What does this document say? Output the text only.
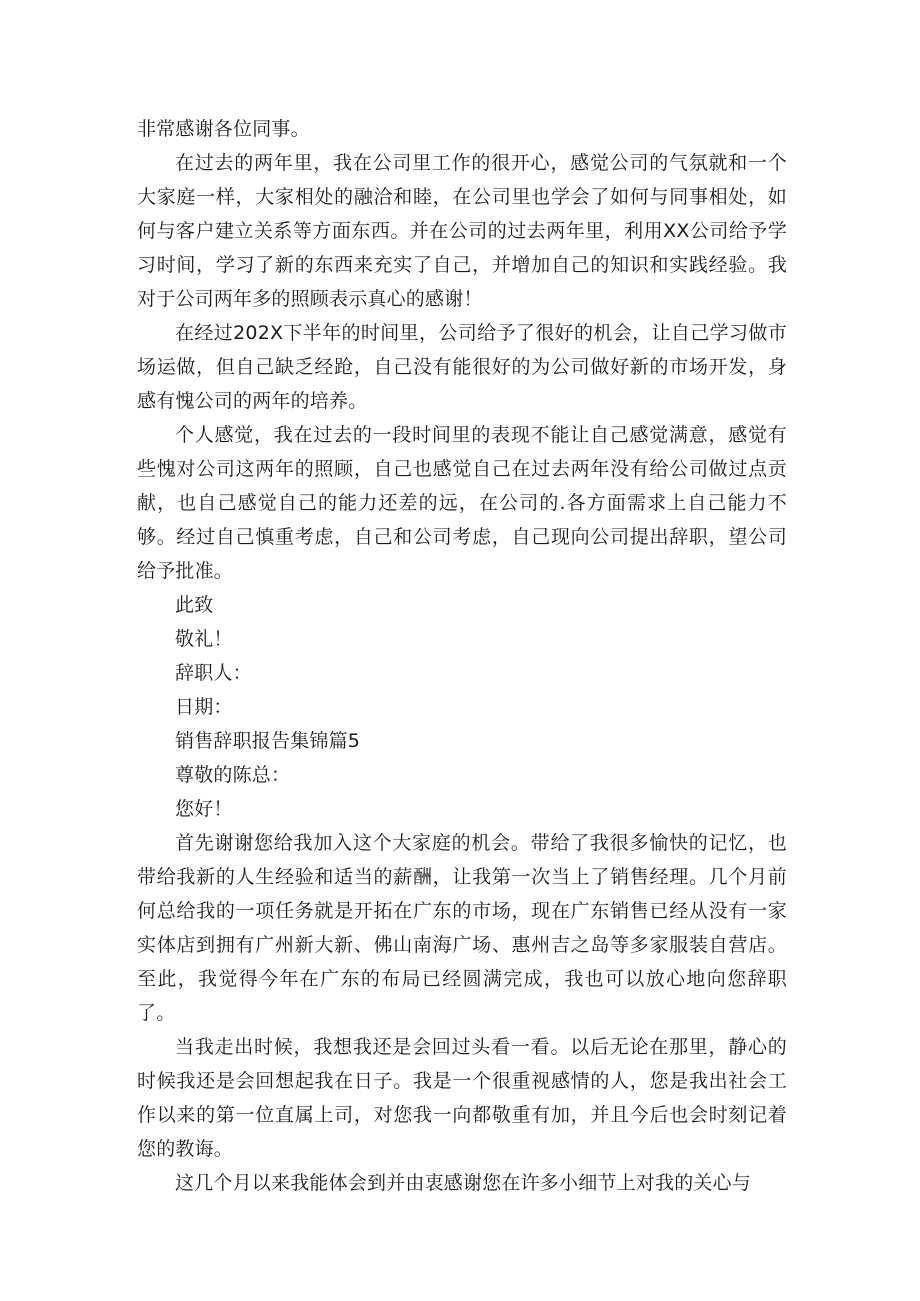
非常感谢各位同事。

在过去的两年里，我在公司里工作的很开心，感觉公司的气氛就和一个大家庭一样，大家相处的融洽和睦，在公司里也学会了如何与同事相处，如何与客户建立关系等方面东西。并在公司的过去两年里，利用XX公司给予学习时间，学习了新的东西来充实了自己，并增加自己的知识和实践经验。我对于公司两年多的照顾表示真心的感谢！

在经过202X下半年的时间里，公司给予了很好的机会，让自己学习做市场运做，但自己缺乏经跄，自己没有能很好的为公司做好新的市场开发，身感有愧公司的两年的培养。

个人感觉，我在过去的一段时间里的表现不能让自己感觉满意，感觉有些愧对公司这两年的照顾，自己也感觉自己在过去两年没有给公司做过点贡献，也自己感觉自己的能力还差的远，在公司的.各方面需求上自己能力不够。经过自己慎重考虑，自己和公司考虑，自己现向公司提出辞职，望公司给予批准。

此致

敬礼！

辞职人：

日期：

销售辞职报告集锦篇5

尊敬的陈总：

您好！

首先谢谢您给我加入这个大家庭的机会。带给了我很多愉快的记忆，也带给我新的人生经验和适当的薪酬，让我第一次当上了销售经理。几个月前何总给我的一项任务就是开拓在广东的市场，现在广东销售已经从没有一家实体店到拥有广州新大新、佛山南海广场、惠州吉之岛等多家服装自营店。至此，我觉得今年在广东的布局已经圆满完成，我也可以放心地向您辞职了。

当我走出时候，我想我还是会回过头看一看。以后无论在那里，静心的时候我还是会回想起我在日子。我是一个很重视感情的人，您是我出社会工作以来的第一位直属上司，对您我一向都敬重有加，并且今后也会时刻记着您的教诲。

这几个月以来我能体会到并由衷感谢您在许多小细节上对我的关心与
